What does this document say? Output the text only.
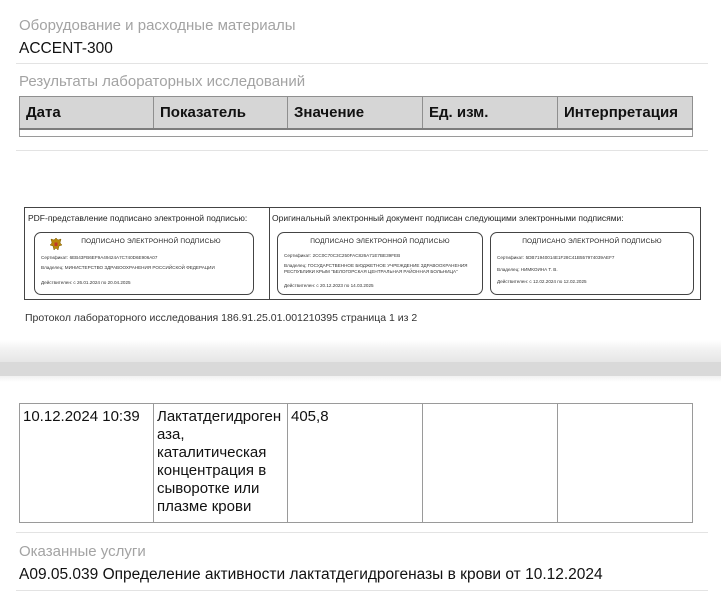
Оборудование и расходные материалы
ACCENT-300
Результаты лабораторных исследований
Дата	Показатель	Значение	Ед. изм.	Интерпретация

PDF-представление подписано электронной подписью:	Оригинальный электронный документ подписан следующими электронными подписями:
ПОДПИСАНО ЭЛЕКТРОННОЙ ПОДПИСЬЮ
Сертификат: 6EB43FB6EF9A49424A7C740D6E906A07
Владелец: МИНИСТЕРСТВО ЗДРАВООХРАНЕНИЯ РОССИЙСКОЙ ФЕДЕРАЦИИ
Действителен: с 26.01.2024 по 20.04.2025
ПОДПИСАНО ЭЛЕКТРОННОЙ ПОДПИСЬЮ
Сертификат: 2CC0C70C3C250FAC826A71E7BE39FEB
Владелец: ГОСУДАРСТВЕННОЕ БЮДЖЕТНОЕ УЧРЕЖДЕНИЕ ЗДРАВООХРАНЕНИЯ РЕСПУБЛИКИ КРЫМ "БЕЛОГОРСКАЯ ЦЕНТРАЛЬНАЯ РАЙОННАЯ БОЛЬНИЦА"
Действителен: с 20.12.2023 по 14.03.2025
ПОДПИСАНО ЭЛЕКТРОННОЙ ПОДПИСЬЮ
Сертификат: 5DB71940014E1F28C41B557974039AEF7
Владелец: НИМКОИНА Т. В.
Действителен: с 12.02.2024 по 12.02.2025
Протокол лабораторного исследования 186.91.25.01.001210395 страница 1 из 2
10.12.2024 10:39	Лактатдегидроген аза, каталитическая концентрация в сыворотке или плазме крови	405,8		
Оказанные услуги
A09.05.039 Определение активности лактатдегидрогеназы в крови от 10.12.2024
